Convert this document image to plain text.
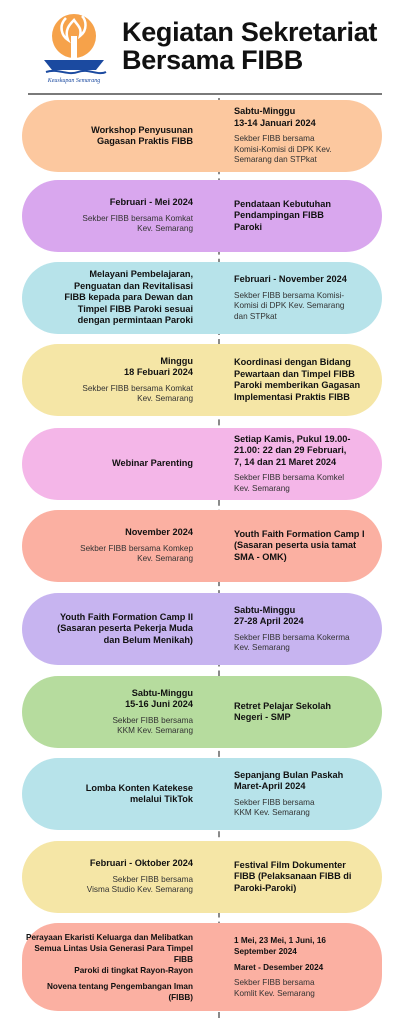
Keuskupan Semarang
Kegiatan Sekretariat
Bersama FIBB
Workshop Penyusunan
Gagasan Praktis FIBB
Sabtu-Minggu
13-14 Januari 2024
Sekber FIBB bersama
Komisi-Komisi di DPK Kev.
Semarang dan STPkat
Februari - Mei 2024
Sekber FIBB bersama Komkat
Kev. Semarang
Pendataan Kebutuhan
Pendampingan FIBB
Paroki
Melayani Pembelajaran,
Penguatan dan Revitalisasi
FIBB kepada para Dewan dan
Timpel FIBB Paroki sesuai
dengan permintaan Paroki
Februari - November 2024
Sekber FIBB bersama Komisi-
Komisi di DPK Kev. Semarang
dan STPkat
Minggu
18 Febuari 2024
Sekber FIBB bersama Komkat
Kev. Semarang
Koordinasi dengan Bidang
Pewartaan dan Timpel FIBB
Paroki memberikan Gagasan
Implementasi Praktis FIBB
Webinar Parenting
Setiap Kamis, Pukul 19.00-
21.00: 22 dan 29 Februari,
7, 14 dan 21 Maret 2024
Sekber FIBB bersama Komkel
Kev. Semarang
November 2024
Sekber FIBB bersama Komkep
Kev. Semarang
Youth Faith Formation Camp I
(Sasaran peserta usia tamat
SMA - OMK)
Youth Faith Formation Camp II
(Sasaran peserta Pekerja Muda
dan Belum Menikah)
Sabtu-Minggu
27-28 April 2024
Sekber FIBB bersama Kokerma
Kev. Semarang
Sabtu-Minggu
15-16 Juni 2024
Sekber FIBB bersama
KKM Kev. Semarang
Retret Pelajar Sekolah
Negeri - SMP
Lomba Konten Katekese
melalui TikTok
Sepanjang Bulan Paskah
Maret-April 2024
Sekber FIBB bersama
KKM Kev. Semarang
Februari - Oktober 2024
Sekber FIBB bersama
Visma Studio Kev. Semarang
Festival Film Dokumenter
FIBB (Pelaksanaan FIBB di
Paroki-Paroki)
Perayaan Ekaristi Keluarga dan Melibatkan
Semua Lintas Usia Generasi Para Timpel FIBB
Paroki di tingkat Rayon-Rayon
Novena tentang Pengembangan Iman (FIBB)
1 Mei, 23 Mei, 1 Juni, 16
September 2024
Maret - Desember 2024
Sekber FIBB bersama
Komlit Kev. Semarang
